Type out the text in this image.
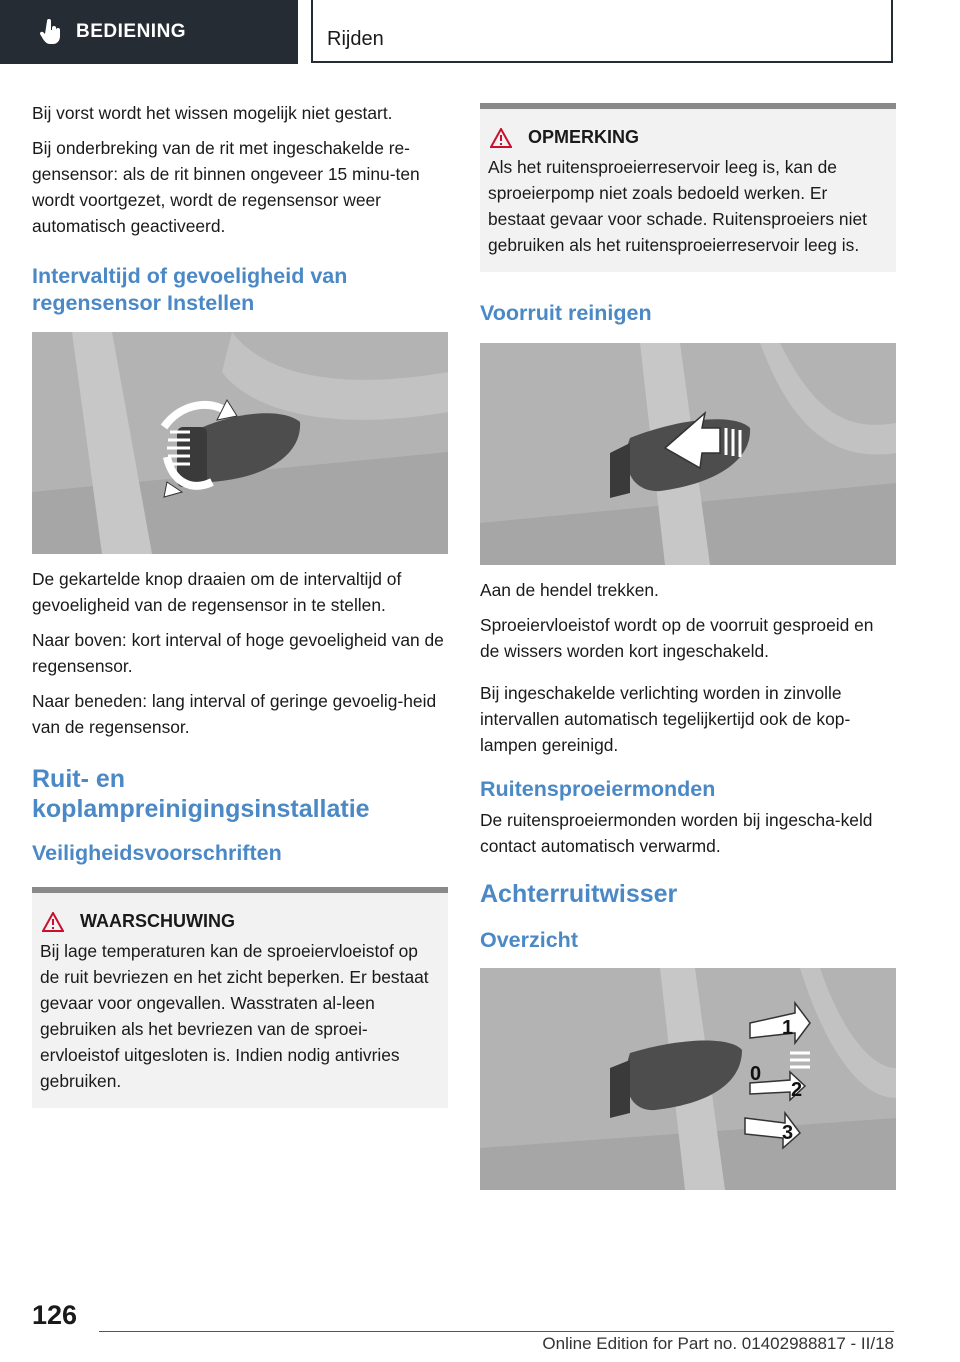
BEDIENING	Rijden

Bij vorst wordt het wissen mogelijk niet gestart.

Bij onderbreking van de rit met ingeschakelde re-gensensor: als de rit binnen ongeveer 15 minu-ten wordt voortgezet, wordt de regensensor weer automatisch geactiveerd.

Intervaltijd of gevoeligheid van regensensor Instellen

De gekartelde knop draaien om de intervaltijd of gevoeligheid van de regensensor in te stellen.

Naar boven: kort interval of hoge gevoeligheid van de regensensor.

Naar beneden: lang interval of geringe gevoelig-heid van de regensensor.

Ruit- en koplampreinigingsinstallatie
Veiligheidsvoorschriften
WAARSCHUWING

Bij lage temperaturen kan de sproeiervloeistof op de ruit bevriezen en het zicht beperken. Er bestaat gevaar voor ongevallen. Wasstraten al-leen gebruiken als het bevriezen van de sproei-ervloeistof uitgesloten is. Indien nodig antivries gebruiken.

OPMERKING

Als het ruitensproeierreservoir leeg is, kan de sproeierpomp niet zoals bedoeld werken. Er bestaat gevaar voor schade. Ruitensproeiers niet gebruiken als het ruitensproeierreservoir leeg is.

Voorruit reinigen

Aan de hendel trekken.

Sproeiervloeistof wordt op de voorruit gesproeid en de wissers worden kort ingeschakeld.

Bij ingeschakelde verlichting worden in zinvolle intervallen automatisch tegelijkertijd ook de kop-lampen gereinigd.

Ruitensproeiermonden

De ruitensproeiermonden worden bij ingescha-keld contact automatisch verwarmd.

Achterruitwisser
Overzicht
1
0
2
3
126
Online Edition for Part no. 01402988817 - II/18
